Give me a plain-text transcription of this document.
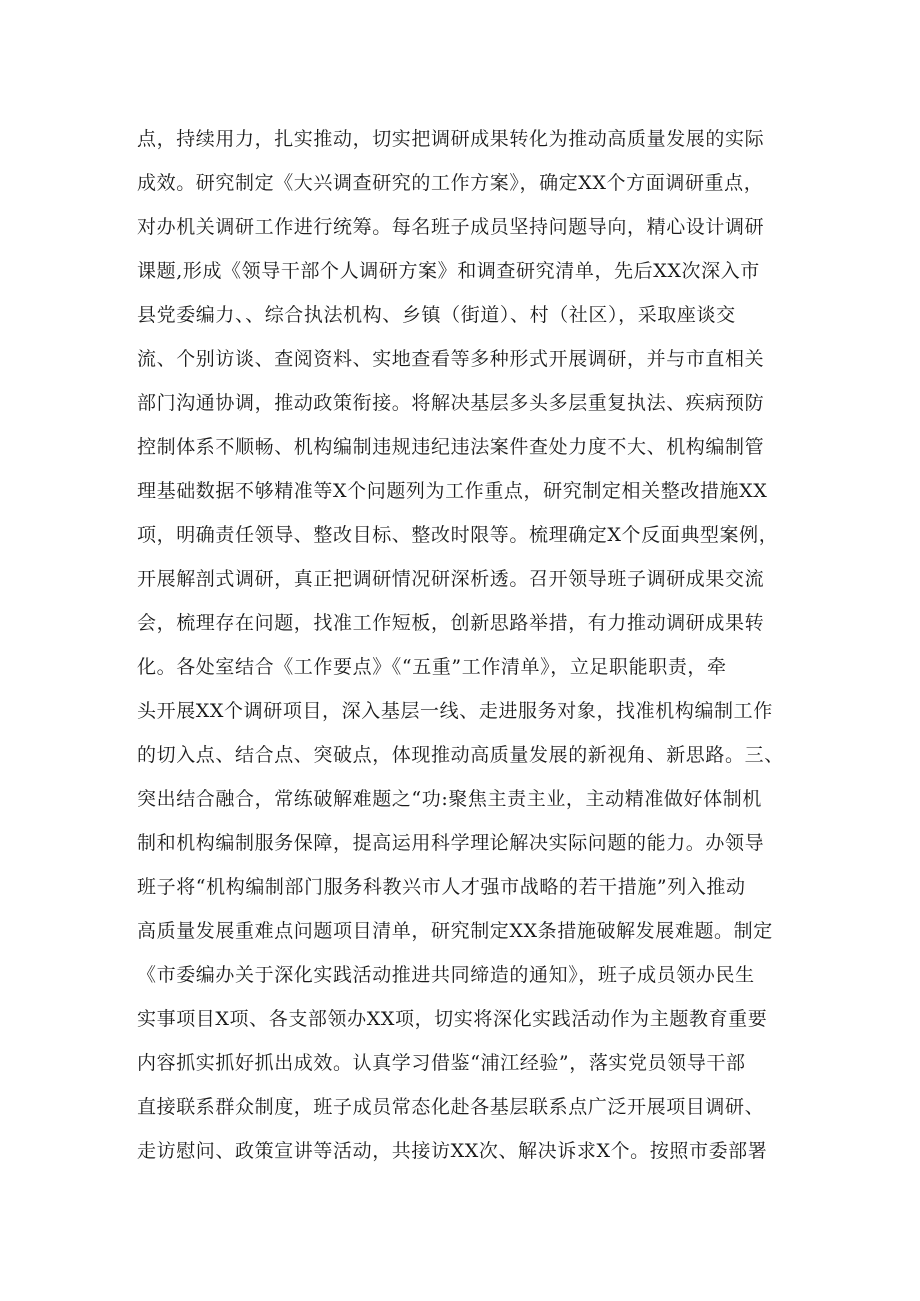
点，持续用力，扎实推动，切实把调研成果转化为推动高质量发展的实际
成效。研究制定《大兴调查研究的工作方案》，确定XX个方面调研重点，
对办机关调研工作进行统筹。每名班子成员坚持问题导向，精心设计调研
课题,形成《领导干部个人调研方案》和调查研究清单，先后XX次深入市
县党委编力、、综合执法机构、乡镇（街道）、村（社区），采取座谈交
流、个别访谈、查阅资料、实地查看等多种形式开展调研，并与市直相关
部门沟通协调，推动政策衔接。将解决基层多头多层重复执法、疾病预防
控制体系不顺畅、机构编制违规违纪违法案件查处力度不大、机构编制管
理基础数据不够精准等X个问题列为工作重点，研究制定相关整改措施XX
项，明确责任领导、整改目标、整改时限等。梳理确定X个反面典型案例，
开展解剖式调研，真正把调研情况研深析透。召开领导班子调研成果交流
会，梳理存在问题，找准工作短板，创新思路举措，有力推动调研成果转
化。各处室结合《工作要点》《“五重”工作清单》，立足职能职责，牵
头开展XX个调研项目，深入基层一线、走进服务对象，找准机构编制工作
的切入点、结合点、突破点，体现推动高质量发展的新视角、新思路。三、
突出结合融合，常练破解难题之“功:聚焦主责主业，主动精准做好体制机
制和机构编制服务保障，提高运用科学理论解决实际问题的能力。办领导
班子将“机构编制部门服务科教兴市人才强市战略的若干措施”列入推动
高质量发展重难点问题项目清单，研究制定XX条措施破解发展难题。制定
《市委编办关于深化实践活动推进共同缔造的通知》，班子成员领办民生
实事项目X项、各支部领办XX项，切实将深化实践活动作为主题教育重要
内容抓实抓好抓出成效。认真学习借鉴“浦江经验”，落实党员领导干部
直接联系群众制度，班子成员常态化赴各基层联系点广泛开展项目调研、
走访慰问、政策宣讲等活动，共接访XX次、解决诉求X个。按照市委部署
